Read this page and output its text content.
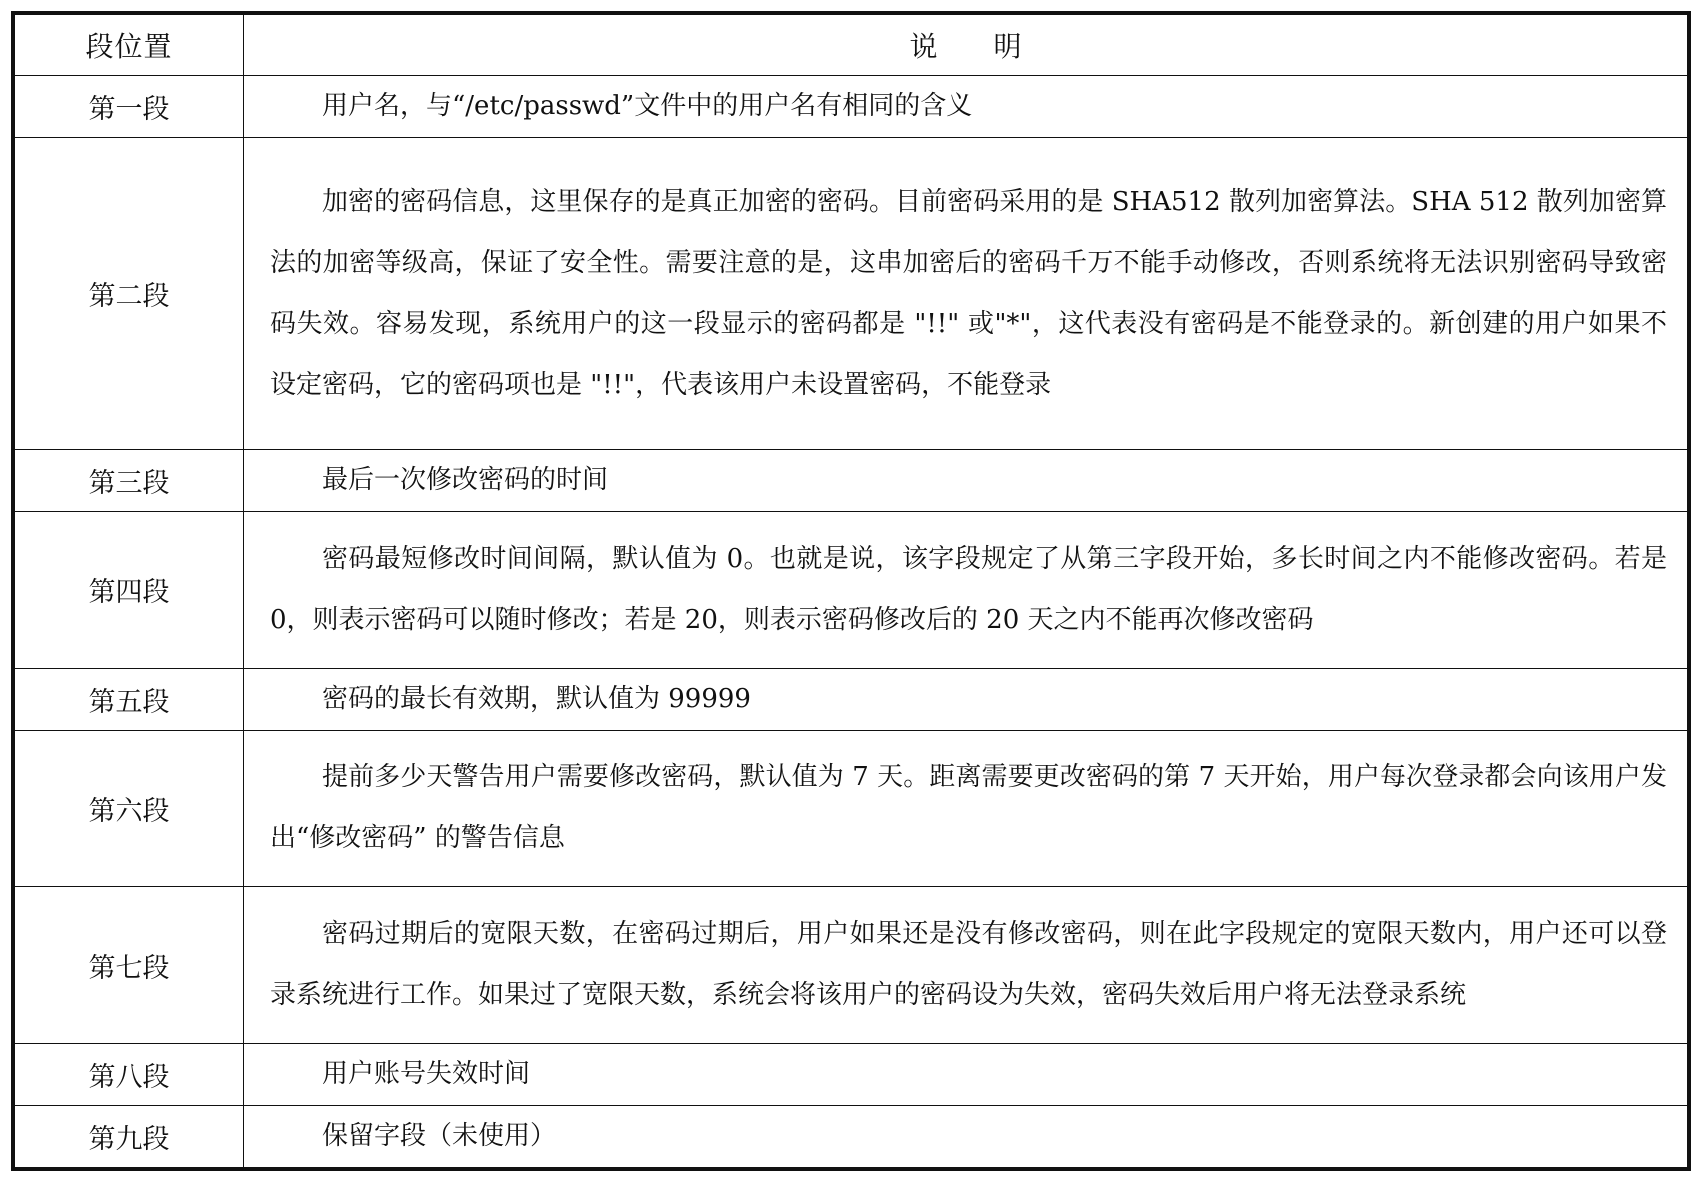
段位置	说明
第一段	用户名，与“/etc/passwd”文件中的用户名有相同的含义
第二段	加密的密码信息，这里保存的是真正加密的密码。目前密码采用的是 SHA512 散列加密算法。SHA 512 散列加密算法的加密等级高，保证了安全性。需要注意的是，这串加密后的密码千万不能手动修改，否则系统将无法识别密码导致密码失效。容易发现，系统用户的这一段显示的密码都是 "!!" 或"*"，这代表没有密码是不能登录的。新创建的用户如果不设定密码，它的密码项也是 "!!"，代表该用户未设置密码，不能登录
第三段	最后一次修改密码的时间
第四段	密码最短修改时间间隔，默认值为 0。也就是说，该字段规定了从第三字段开始，多长时间之内不能修改密码。若是 0，则表示密码可以随时修改；若是 20，则表示密码修改后的 20 天之内不能再次修改密码
第五段	密码的最长有效期，默认值为 99999
第六段	提前多少天警告用户需要修改密码，默认值为 7 天。距离需要更改密码的第 7 天开始，用户每次登录都会向该用户发出“修改密码” 的警告信息
第七段	密码过期后的宽限天数，在密码过期后，用户如果还是没有修改密码，则在此字段规定的宽限天数内，用户还可以登录系统进行工作。如果过了宽限天数，系统会将该用户的密码设为失效，密码失效后用户将无法登录系统
第八段	用户账号失效时间
第九段	保留字段（未使用）
